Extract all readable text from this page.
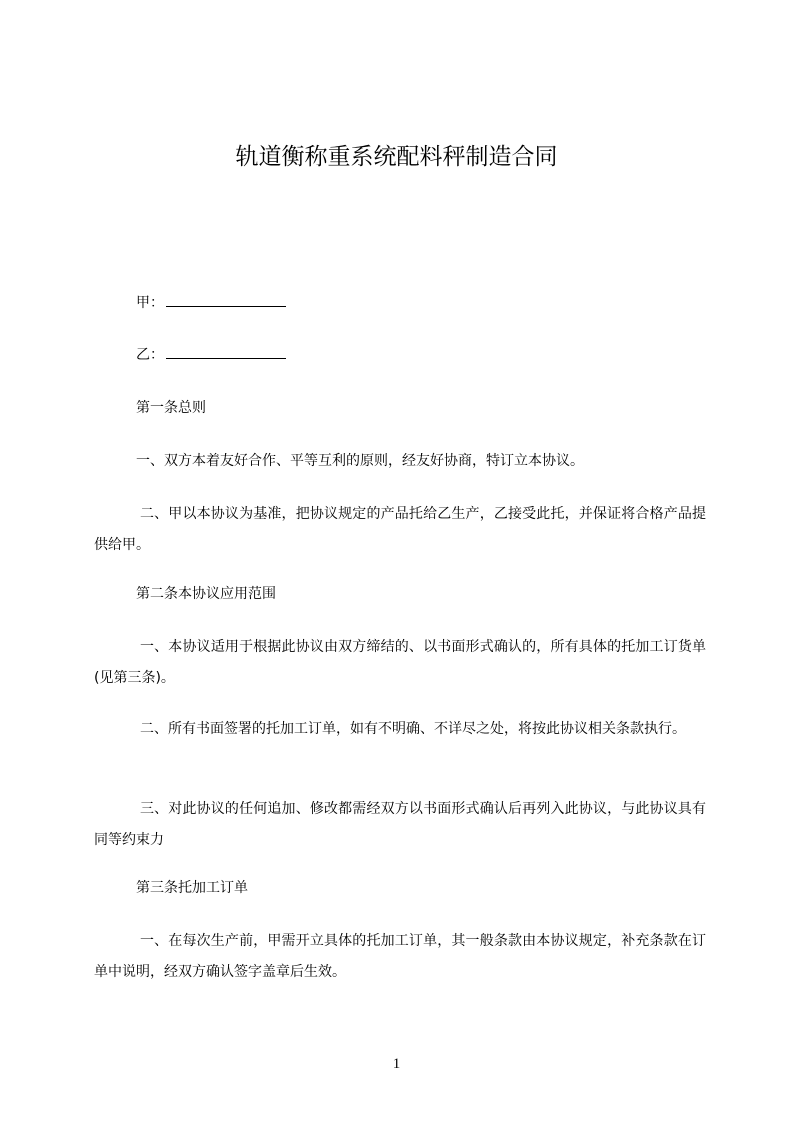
轨道衡称重系统配料秤制造合同
甲：
乙：

第一条总则

一、双方本着友好合作、平等互利的原则，经友好协商，特订立本协议。

二、甲以本协议为基准，把协议规定的产品托给乙生产，乙接受此托，并保证将合格产品提供给甲。

第二条本协议应用范围

一、本协议适用于根据此协议由双方缔结的、以书面形式确认的，所有具体的托加工订货单(见第三条)。

二、所有书面签署的托加工订单，如有不明确、不详尽之处，将按此协议相关条款执行。

三、对此协议的任何追加、修改都需经双方以书面形式确认后再列入此协议，与此协议具有同等约束力

第三条托加工订单

一、在每次生产前，甲需开立具体的托加工订单，其一般条款由本协议规定，补充条款在订单中说明，经双方确认签字盖章后生效。

1
